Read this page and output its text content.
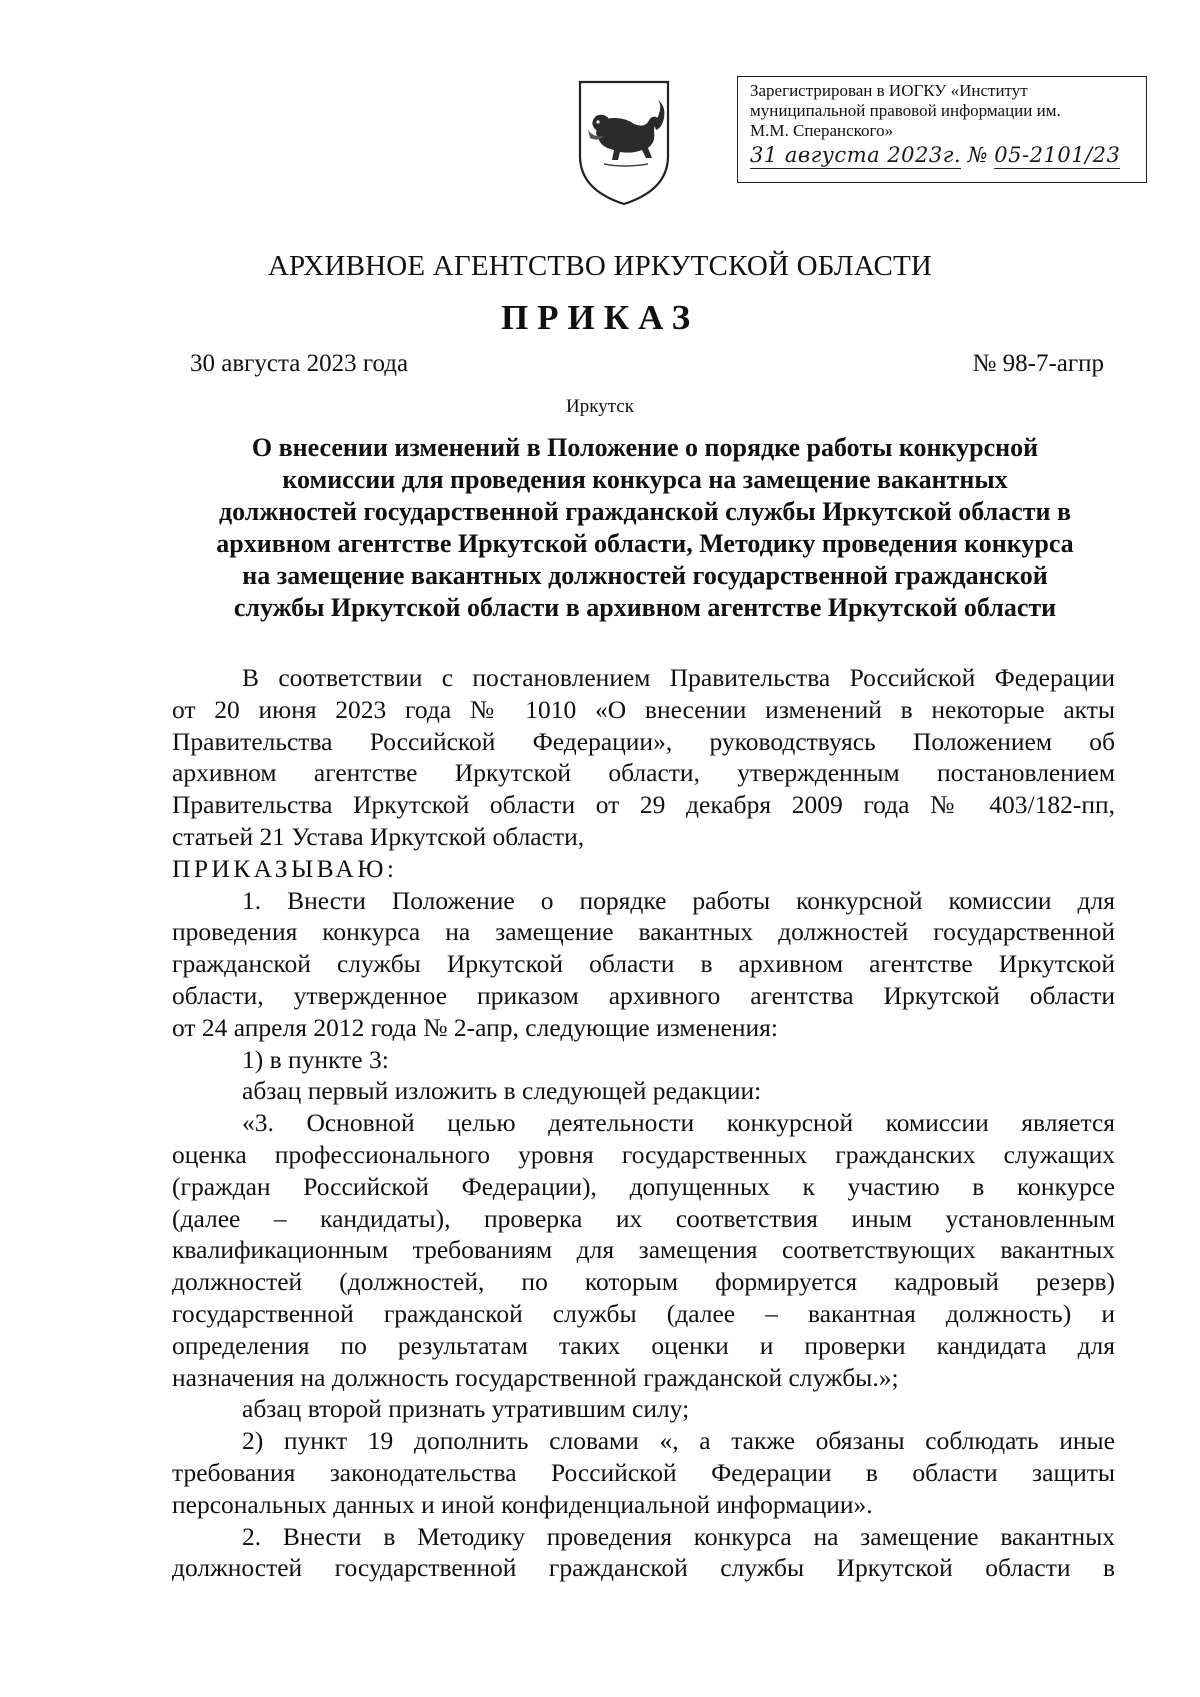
Зарегистрирован в ИОГКУ «Институт
муниципальной правовой информации им.
М.М. Сперанского»
31 августа 2023г. № 05-2101/23
АРХИВНОЕ АГЕНТСТВО ИРКУТСКОЙ ОБЛАСТИ
ПРИКАЗ
30 августа 2023 года	№ 98-7-агпр
Иркутск
О внесении изменений в Положение о порядке работы конкурсной
комиссии для проведения конкурса на замещение вакантных
должностей государственной гражданской службы Иркутской области в
архивном агентстве Иркутской области, Методику проведения конкурса
на замещение вакантных должностей государственной гражданской
службы Иркутской области в архивном агентстве Иркутской области
В соответствии с постановлением Правительства Российской Федерации
от 20 июня 2023 года № 1010 «О внесении изменений в некоторые акты
Правительства Российской Федерации», руководствуясь Положением об
архивном агентстве Иркутской области, утвержденным постановлением
Правительства Иркутской области от 29 декабря 2009 года № 403/182-пп,
статьей 21 Устава Иркутской области,
ПРИКАЗЫВАЮ:
1. Внести Положение о порядке работы конкурсной комиссии для
проведения конкурса на замещение вакантных должностей государственной
гражданской службы Иркутской области в архивном агентстве Иркутской
области, утвержденное приказом архивного агентства Иркутской области
от 24 апреля 2012 года № 2-апр, следующие изменения:
1) в пункте 3:
абзац первый изложить в следующей редакции:
«3. Основной целью деятельности конкурсной комиссии является
оценка профессионального уровня государственных гражданских служащих
(граждан Российской Федерации), допущенных к участию в конкурсе
(далее – кандидаты), проверка их соответствия иным установленным
квалификационным требованиям для замещения соответствующих вакантных
должностей (должностей, по которым формируется кадровый резерв)
государственной гражданской службы (далее – вакантная должность) и
определения по результатам таких оценки и проверки кандидата для
назначения на должность государственной гражданской службы.»;
абзац второй признать утратившим силу;
2) пункт 19 дополнить словами «, а также обязаны соблюдать иные
требования законодательства Российской Федерации в области защиты
персональных данных и иной конфиденциальной информации».
2. Внести в Методику проведения конкурса на замещение вакантных
должностей государственной гражданской службы Иркутской области в
